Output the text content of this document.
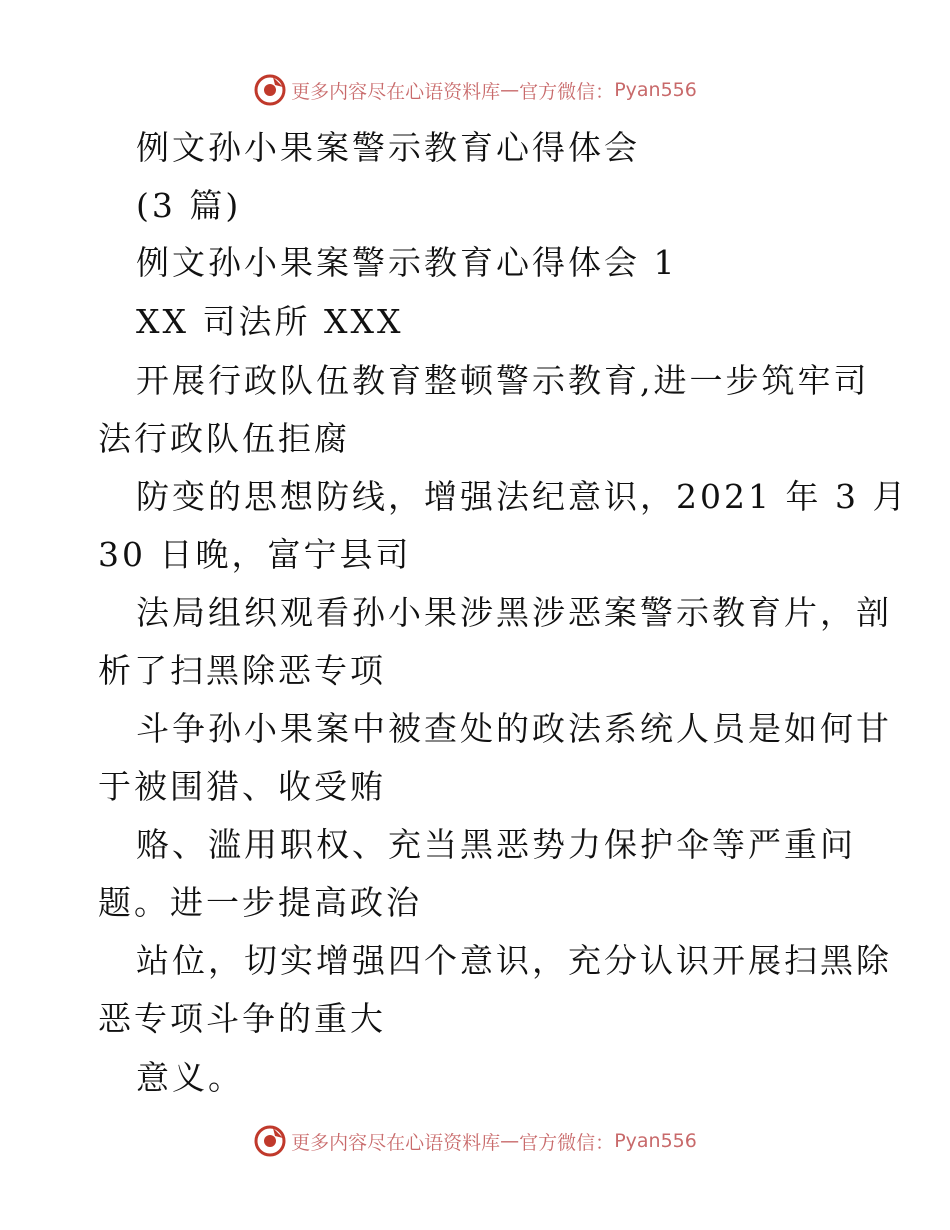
更多内容尽在心语资料库 — 官方微信： Pyan556
例文孙小果案警示教育心得体会
(3 篇)
例文孙小果案警示教育心得体会 1
XX 司法所 XXX
开展行政队伍教育整顿警示教育,进一步筑牢司
法行政队伍拒腐
防变的思想防线，增强法纪意识，2021 年 3 月
30 日晚，富宁县司
法局组织观看孙小果涉黑涉恶案警示教育片，剖
析了扫黑除恶专项
斗争孙小果案中被查处的政法系统人员是如何甘
于被围猎、收受贿
赂、滥用职权、充当黑恶势力保护伞等严重问
题。进一步提高政治
站位，切实增强四个意识，充分认识开展扫黑除
恶专项斗争的重大
意义。
更多内容尽在心语资料库 — 官方微信： Pyan556
